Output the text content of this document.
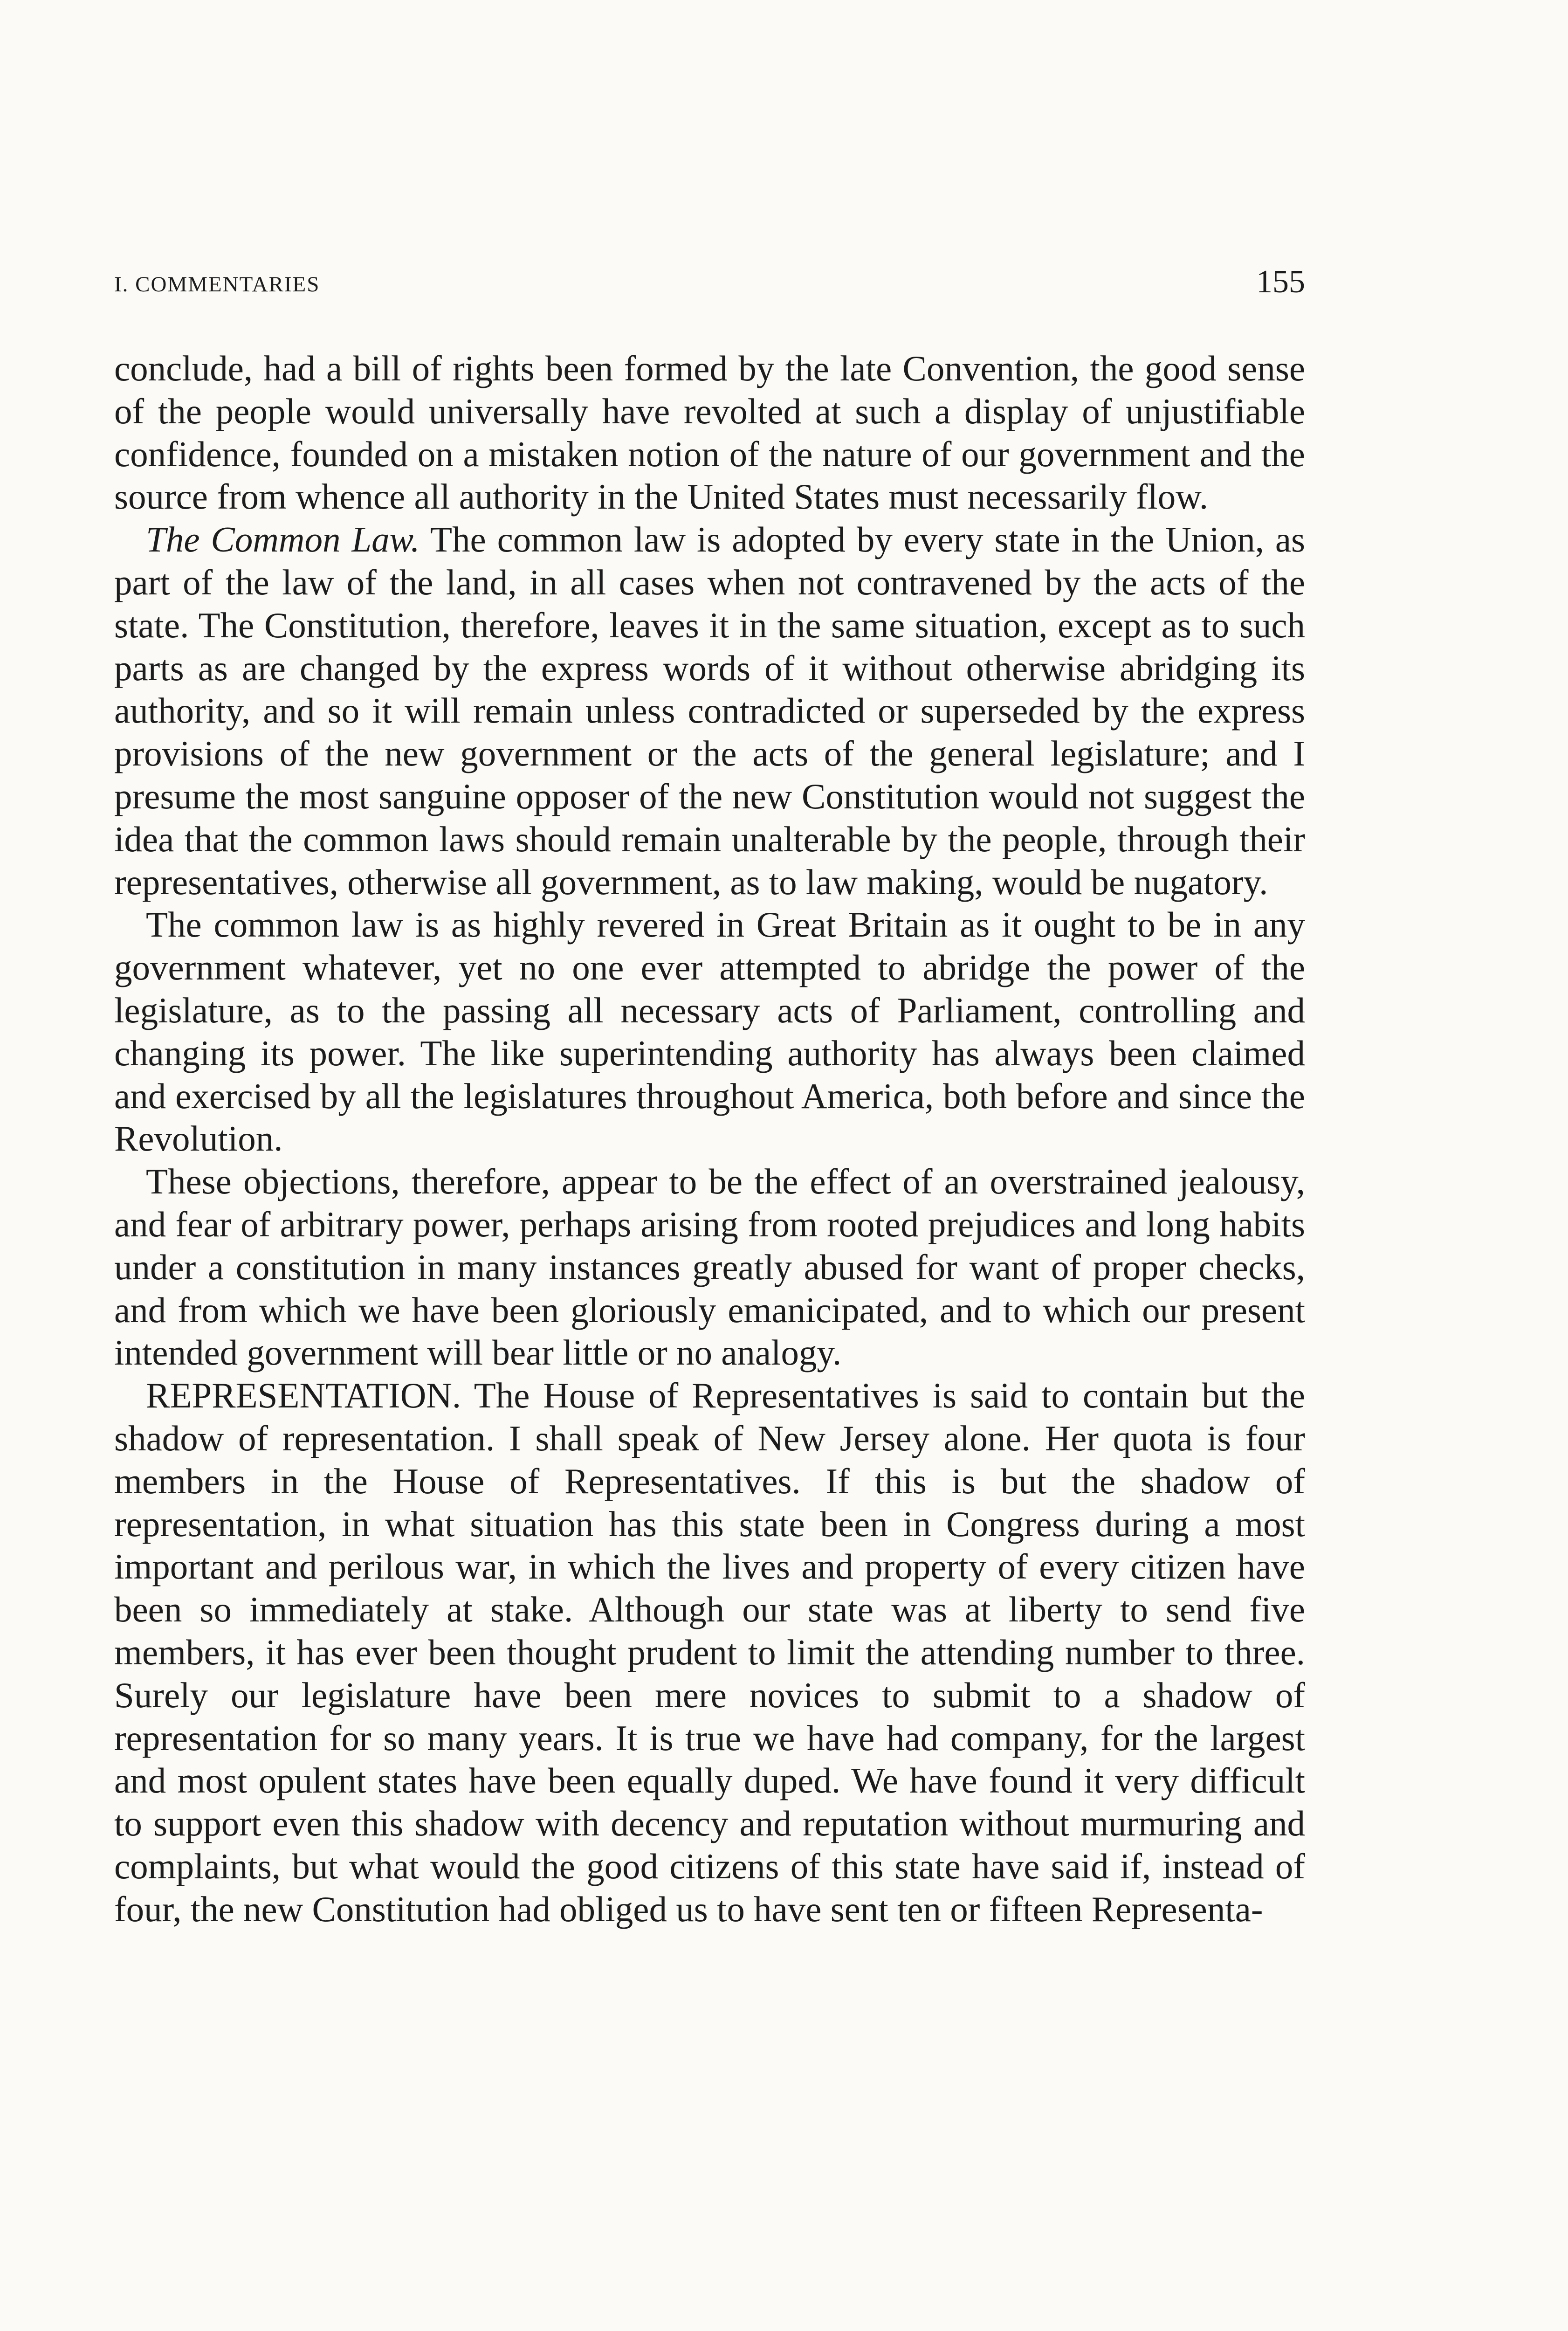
I. COMMENTARIES	155

conclude, had a bill of rights been formed by the late Convention, the good sense of the people would universally have revolted at such a display of unjustifiable confidence, founded on a mistaken notion of the nature of our government and the source from whence all authority in the United States must necessarily flow.

The Common Law. The common law is adopted by every state in the Union, as part of the law of the land, in all cases when not contravened by the acts of the state. The Constitution, therefore, leaves it in the same situation, except as to such parts as are changed by the express words of it without otherwise abridging its authority, and so it will remain unless contradicted or superseded by the express provisions of the new government or the acts of the general legislature; and I presume the most sanguine opposer of the new Constitution would not suggest the idea that the common laws should remain unalterable by the people, through their representatives, otherwise all government, as to law making, would be nugatory.

The common law is as highly revered in Great Britain as it ought to be in any government whatever, yet no one ever attempted to abridge the power of the legislature, as to the passing all necessary acts of Parliament, controlling and changing its power. The like superintending authority has always been claimed and exercised by all the legislatures throughout America, both before and since the Revolution.

These objections, therefore, appear to be the effect of an overstrained jealousy, and fear of arbitrary power, perhaps arising from rooted prejudices and long habits under a constitution in many instances greatly abused for want of proper checks, and from which we have been gloriously emanicipated, and to which our present intended government will bear little or no analogy.

REPRESENTATION. The House of Representatives is said to contain but the shadow of representation. I shall speak of New Jersey alone. Her quota is four members in the House of Representatives. If this is but the shadow of representation, in what situation has this state been in Congress during a most important and perilous war, in which the lives and property of every citizen have been so immediately at stake. Although our state was at liberty to send five members, it has ever been thought prudent to limit the attending number to three. Surely our legislature have been mere novices to submit to a shadow of representation for so many years. It is true we have had company, for the largest and most opulent states have been equally duped. We have found it very difficult to support even this shadow with decency and reputation without murmuring and complaints, but what would the good citizens of this state have said if, instead of four, the new Constitution had obliged us to have sent ten or fifteen Representa-
